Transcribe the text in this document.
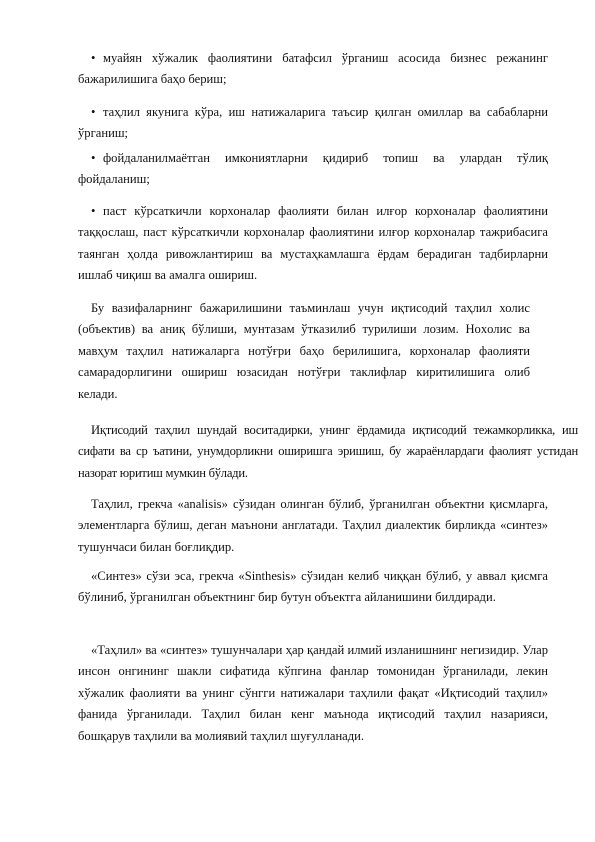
• муайян хўжалик фаолиятини батафсил ўрганиш асосида бизнес режанинг бажарилишига баҳо бериш;

• таҳлил якунига кўра, иш натижаларига таъсир қилган омиллар ва сабабларни ўрганиш;

• фойдаланилмаётган имкониятларни қидириб топиш ва улардан тўлиқ фойдаланиш;

• паст кўрсаткичли корхоналар фаолияти билан илғор корхоналар фаолиятини таққослаш, паст кўрсаткичли корхоналар фаолиятини илғор корхоналар тажрибасига таянган ҳолда ривожлантириш ва мустаҳкамлашга ёрдам берадиган тадбирларни ишлаб чиқиш ва амалга ошириш.

Бу вазифаларнинг бажарилишини таъминлаш учун иқтисодий таҳлил холис (объектив) ва аниқ бўлиши, мунтазам ўтказилиб турилиши лозим. Ноxолис ва мавҳум таҳлил натижаларга нотўғри баҳо берилишига, корхоналар фаолияти самарадорлигини ошириш юзасидан нотўғри таклифлар киритилишига олиб келади.

Иқтисодий таҳлил шундай воситадирки, унинг ёрдамида иқтисодий тежамкорликка, иш сифати ва ср ъатини, унумдорликни оширишга эришиш, бу жараёнлардаги фаолият устидан назорат юритиш мумкин бўлади.

Таҳлил, грекча «analisis» сўзидан олинган бўлиб, ўрганилган объектни қисмларга, элементларга бўлиш, деган маънони англатади. Таҳлил диалектик бирликда «синтез» тушунчаси билан боғлиқдир.

«Синтез» сўзи эса, грекча «Sinthesis» сўзидан келиб чиққан бўлиб, у аввал қисмга бўлиниб, ўрганилган объектнинг бир бутун объектга айланишини билдиради.

«Таҳлил» ва «синтез» тушунчалари ҳар қандай илмий изланишнинг негизидир. Улар инсон онгининг шакли сифатида кўпгина фанлар томонидан ўрганилади, лекин хўжалик фаолияти ва унинг сўнгги натижалари таҳлили фақат «Иқтисодий таҳлил» фанида ўрганилади. Таҳлил билан кенг маънода иқтисодий таҳлил назарияси, бошқарув таҳлили ва молиявий таҳлил шуғулланади.
